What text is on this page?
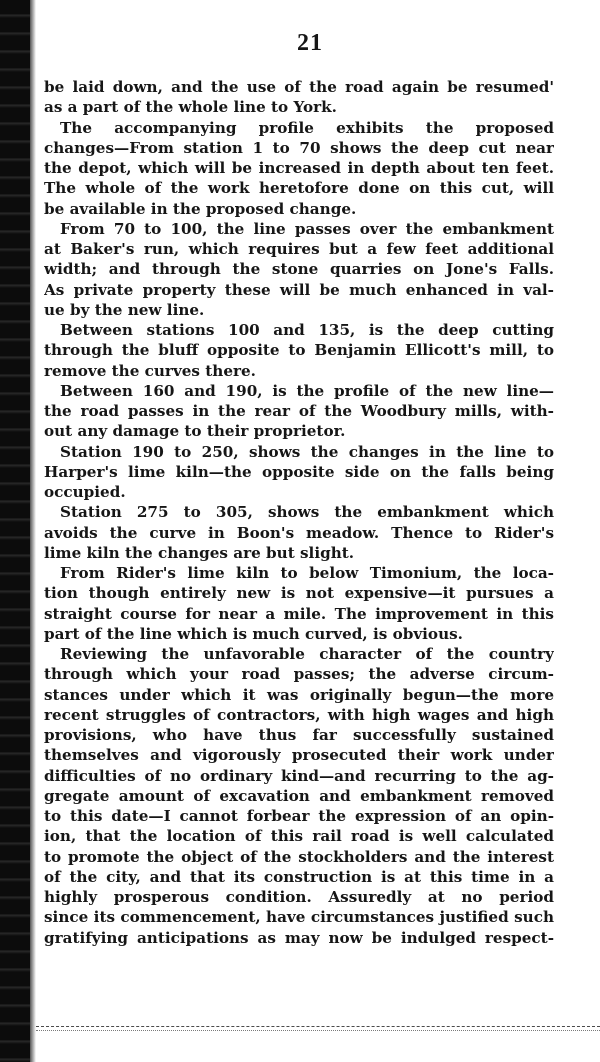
21
be laid down, and the use of the road again be resumed'
as a part of the whole line to York.
The accompanying profile exhibits the proposed
changes—From station 1 to 70 shows the deep cut near
the depot, which will be increased in depth about ten feet.
The whole of the work heretofore done on this cut, will
be available in the proposed change.
From 70 to 100, the line passes over the embankment
at Baker's run, which requires but a few feet additional
width; and through the stone quarries on Jone's Falls.
As private property these will be much enhanced in val-
ue by the new line.
Between stations 100 and 135, is the deep cutting
through the bluff opposite to Benjamin Ellicott's mill, to
remove the curves there.
Between 160 and 190, is the profile of the new line—
the road passes in the rear of the Woodbury mills, with-
out any damage to their proprietor.
Station 190 to 250, shows the changes in the line to
Harper's lime kiln—the opposite side on the falls being
occupied.
Station 275 to 305, shows the embankment which
avoids the curve in Boon's meadow. Thence to Rider's
lime kiln the changes are but slight.
From Rider's lime kiln to below Timonium, the loca-
tion though entirely new is not expensive—it pursues a
straight course for near a mile. The improvement in this
part of the line which is much curved, is obvious.
Reviewing the unfavorable character of the country
through which your road passes; the adverse circum-
stances under which it was originally begun—the more
recent struggles of contractors, with high wages and high
provisions, who have thus far successfully sustained
themselves and vigorously prosecuted their work under
difficulties of no ordinary kind—and recurring to the ag-
gregate amount of excavation and embankment removed
to this date—I cannot forbear the expression of an opin-
ion, that the location of this rail road is well calculated
to promote the object of the stockholders and the interest
of the city, and that its construction is at this time in a
highly prosperous condition. Assuredly at no period
since its commencement, have circumstances justified such
gratifying anticipations as may now be indulged respect-
